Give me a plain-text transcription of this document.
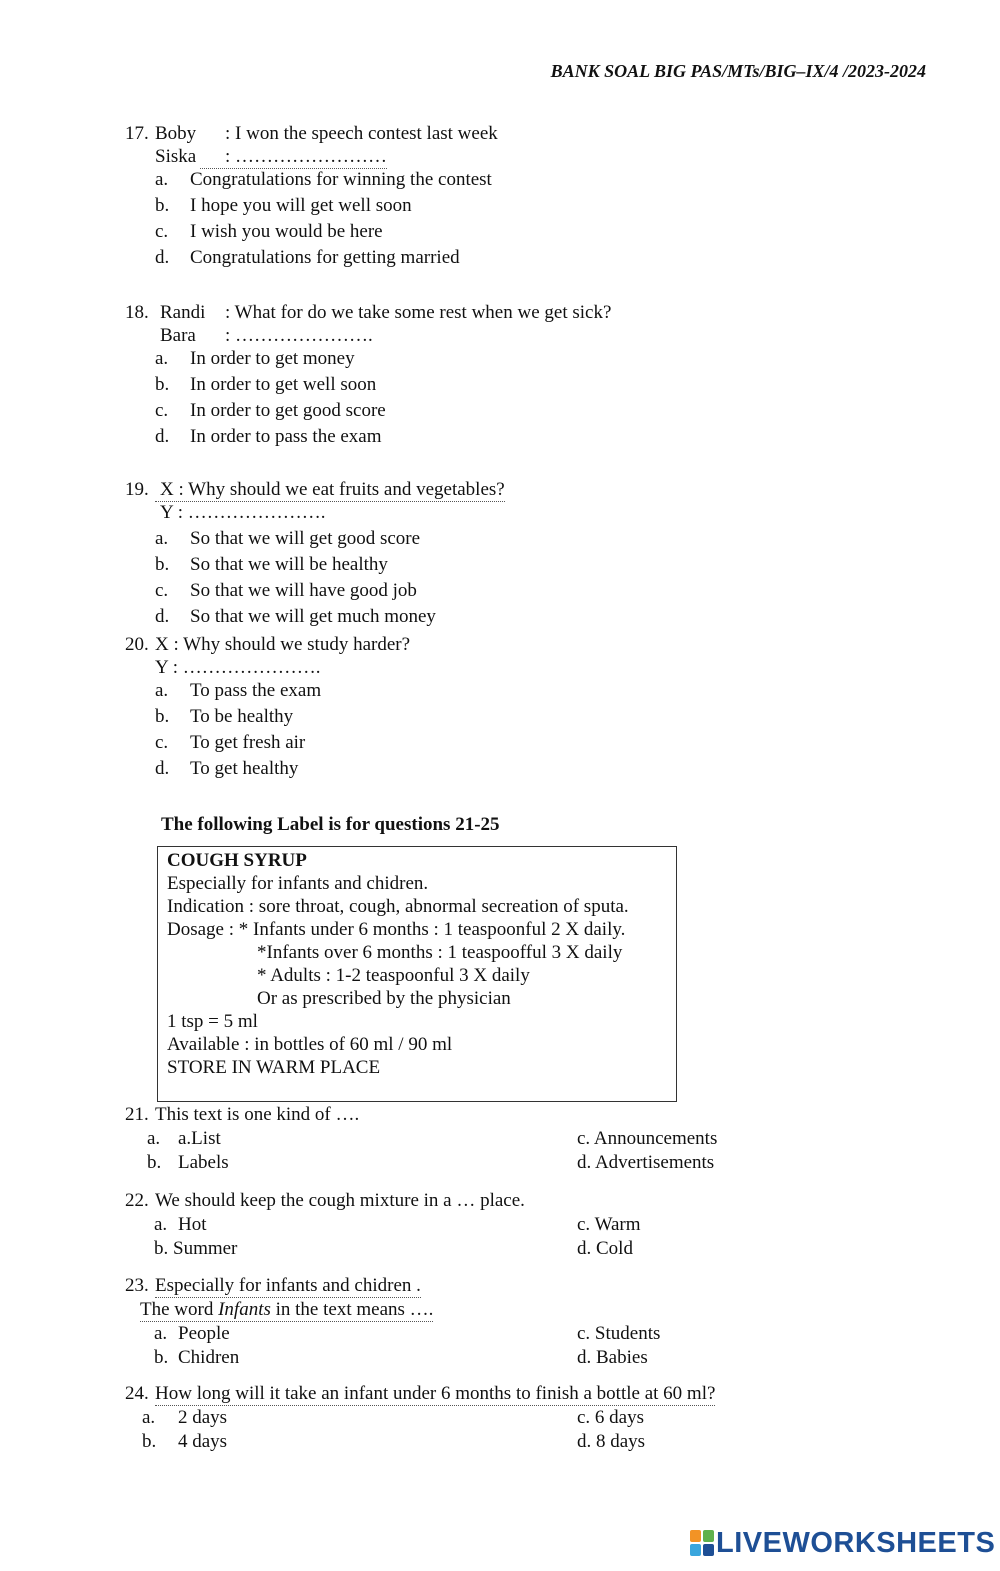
BANK SOAL BIG PAS/MTs/BIG–IX/4 /2023-2024
17. Boby : I won the speech contest last week
Siska	: ……………………
a. Congratulations for winning the contest
b. I hope you will get well soon
c. I wish you would be here
d. Congratulations for getting married
18. Randi : What for do we take some rest when we get sick?
Bara : ………………….
a. In order to get money
b. In order to get well soon
c. In order to get good score
d. In order to pass the exam
19. X : Why should we eat fruits and vegetables?
Y : ………………….
a. So that we will get good score
b. So that we will be healthy
c. So that we will have good job
d. So that we will get much money
20. X : Why should we study harder?
Y : ………………….
a. To pass the exam
b. To be healthy
c. To get fresh air
d. To get healthy
The following Label is for questions 21-25
COUGH SYRUP
Especially for infants and chidren.
Indication : sore throat, cough, abnormal secreation of sputa.
Dosage : * Infants under 6 months : 1 teaspoonful 2 X daily.
*Infants over 6 months : 1 teaspoofful 3 X daily
* Adults : 1-2 teaspoonful 3 X daily
Or as prescribed by the physician
1 tsp = 5 ml
Available : in bottles of 60 ml / 90 ml
STORE IN WARM PLACE
21. This text is one kind of ….
a. a.List	c. Announcements
b. Labels	d. Advertisements
22. We should keep the cough mixture in a … place.
a. Hot	c. Warm
b. Summer	d. Cold
23. Especially for infants and chidren .
The word Infants in the text means ….
a. People	c. Students
b. Chidren	d. Babies
24. How long will it take an infant under 6 months to finish a bottle at 60 ml?
a. 2 days	c. 6 days
b. 4 days	d. 8 days
LIVEWORKSHEETS
